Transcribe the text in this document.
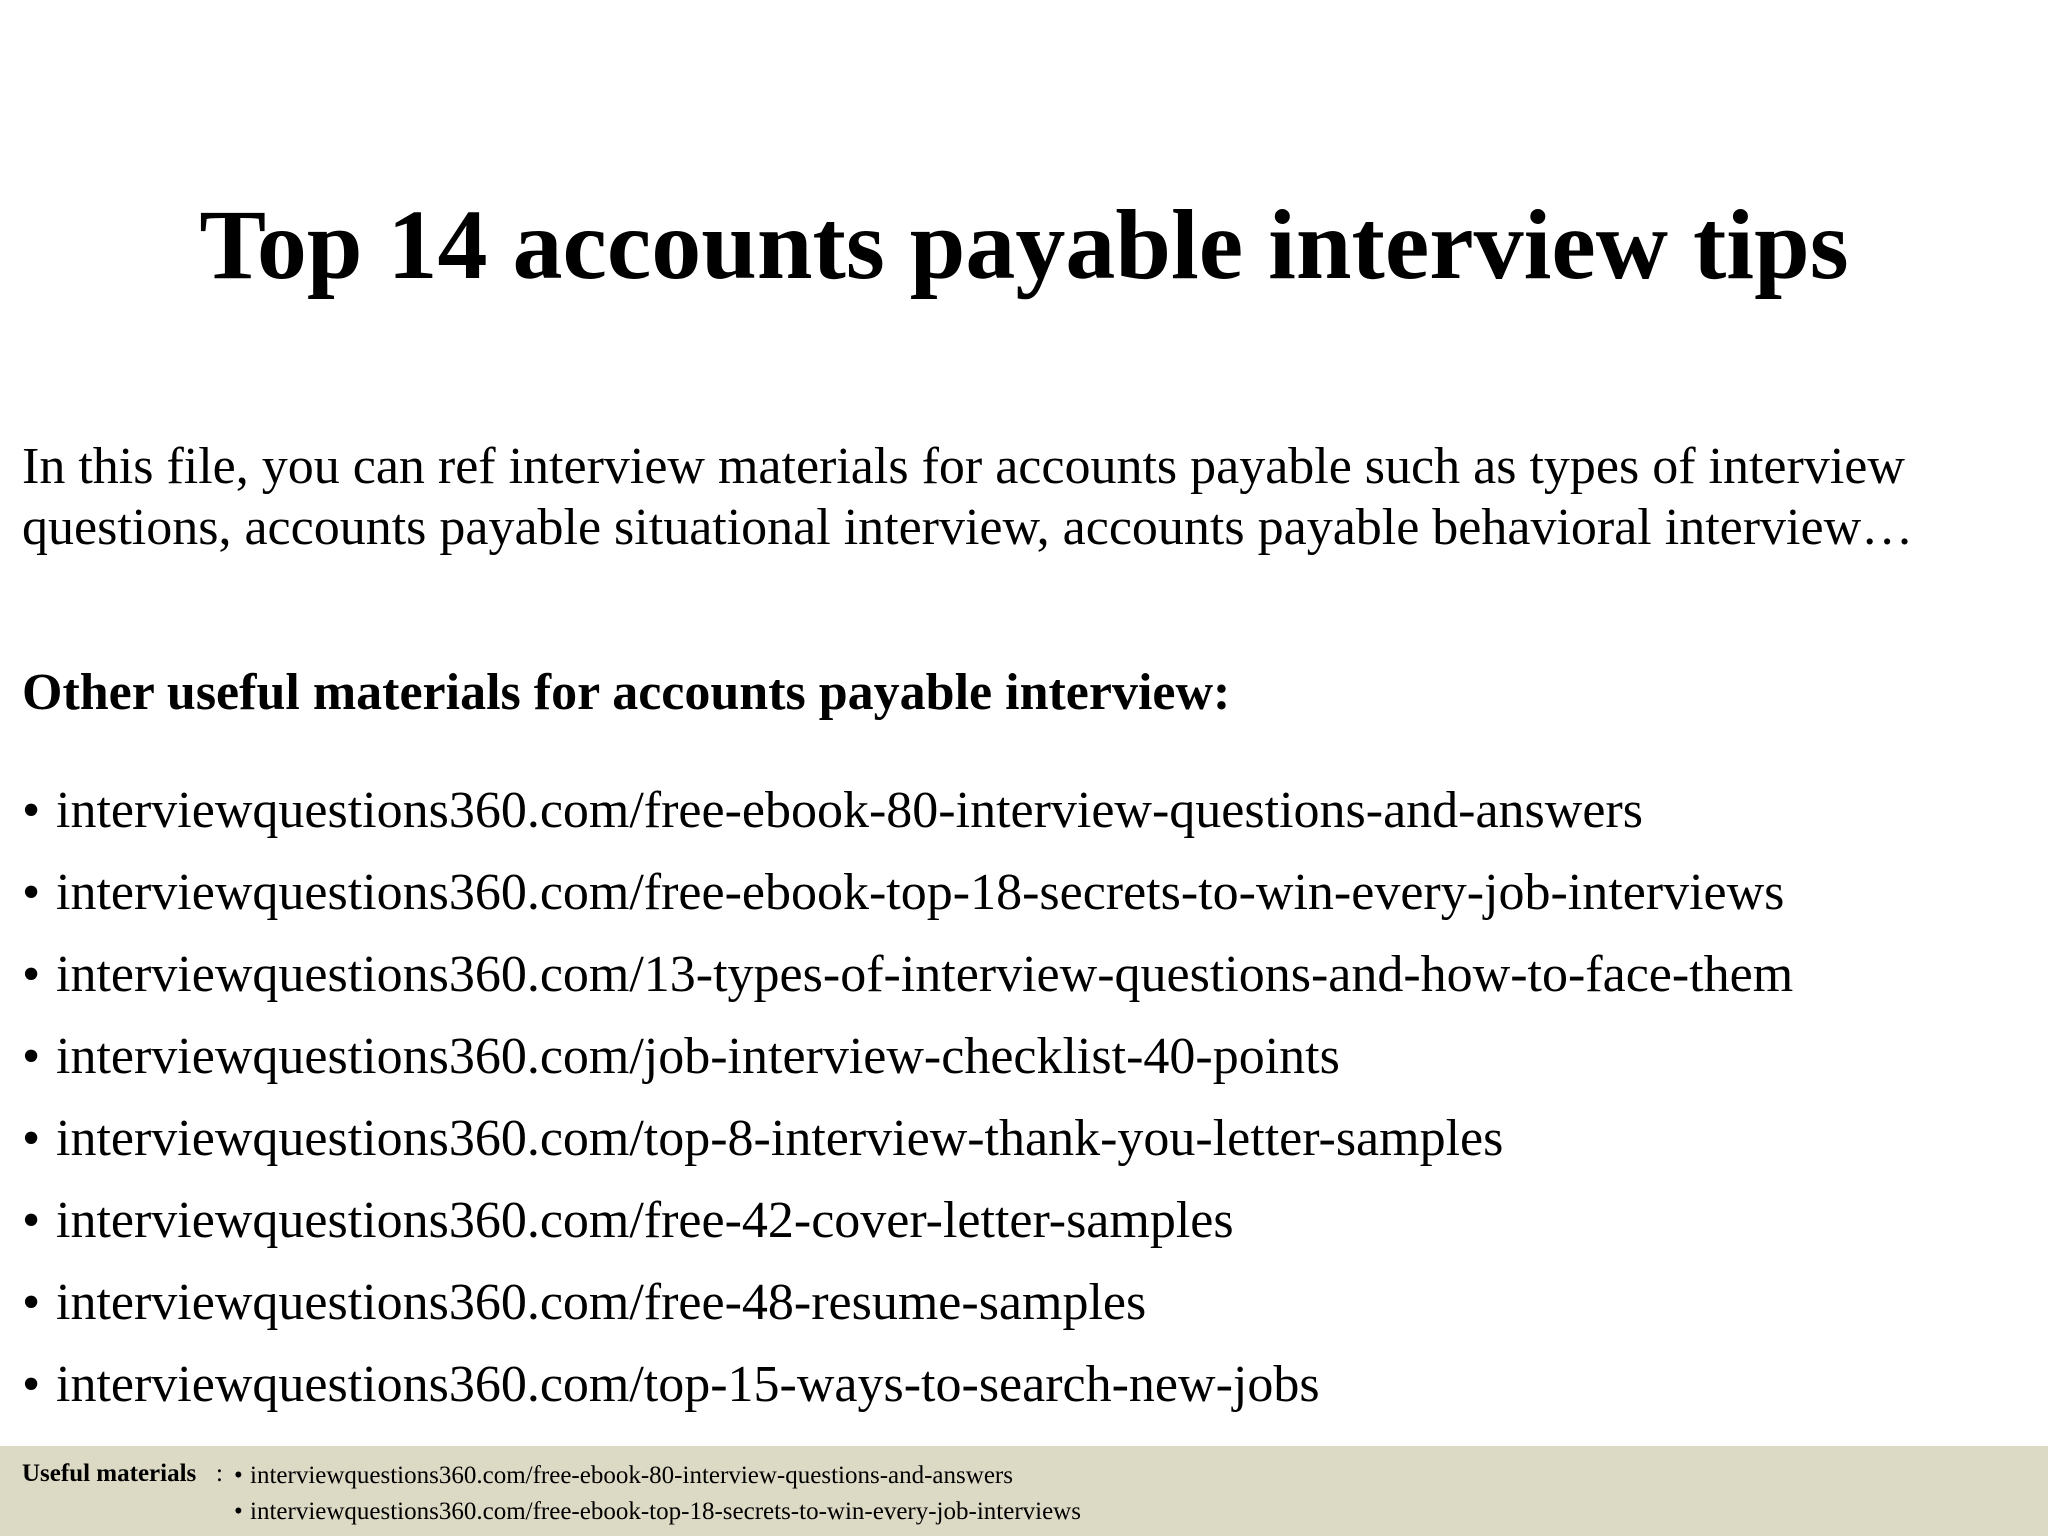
Top 14 accounts payable interview tips

In this file, you can ref interview materials for accounts payable such as types of interview questions, accounts payable situational interview, accounts payable behavioral interview…

Other useful materials for accounts payable interview:
• interviewquestions360.com/free-ebook-80-interview-questions-and-answers
• interviewquestions360.com/free-ebook-top-18-secrets-to-win-every-job-interviews
• interviewquestions360.com/13-types-of-interview-questions-and-how-to-face-them
• interviewquestions360.com/job-interview-checklist-40-points
• interviewquestions360.com/top-8-interview-thank-you-letter-samples
• interviewquestions360.com/free-42-cover-letter-samples
• interviewquestions360.com/free-48-resume-samples
• interviewquestions360.com/top-15-ways-to-search-new-jobs
Useful materials : • interviewquestions360.com/free-ebook-80-interview-questions-and-answers
• interviewquestions360.com/free-ebook-top-18-secrets-to-win-every-job-interviews
